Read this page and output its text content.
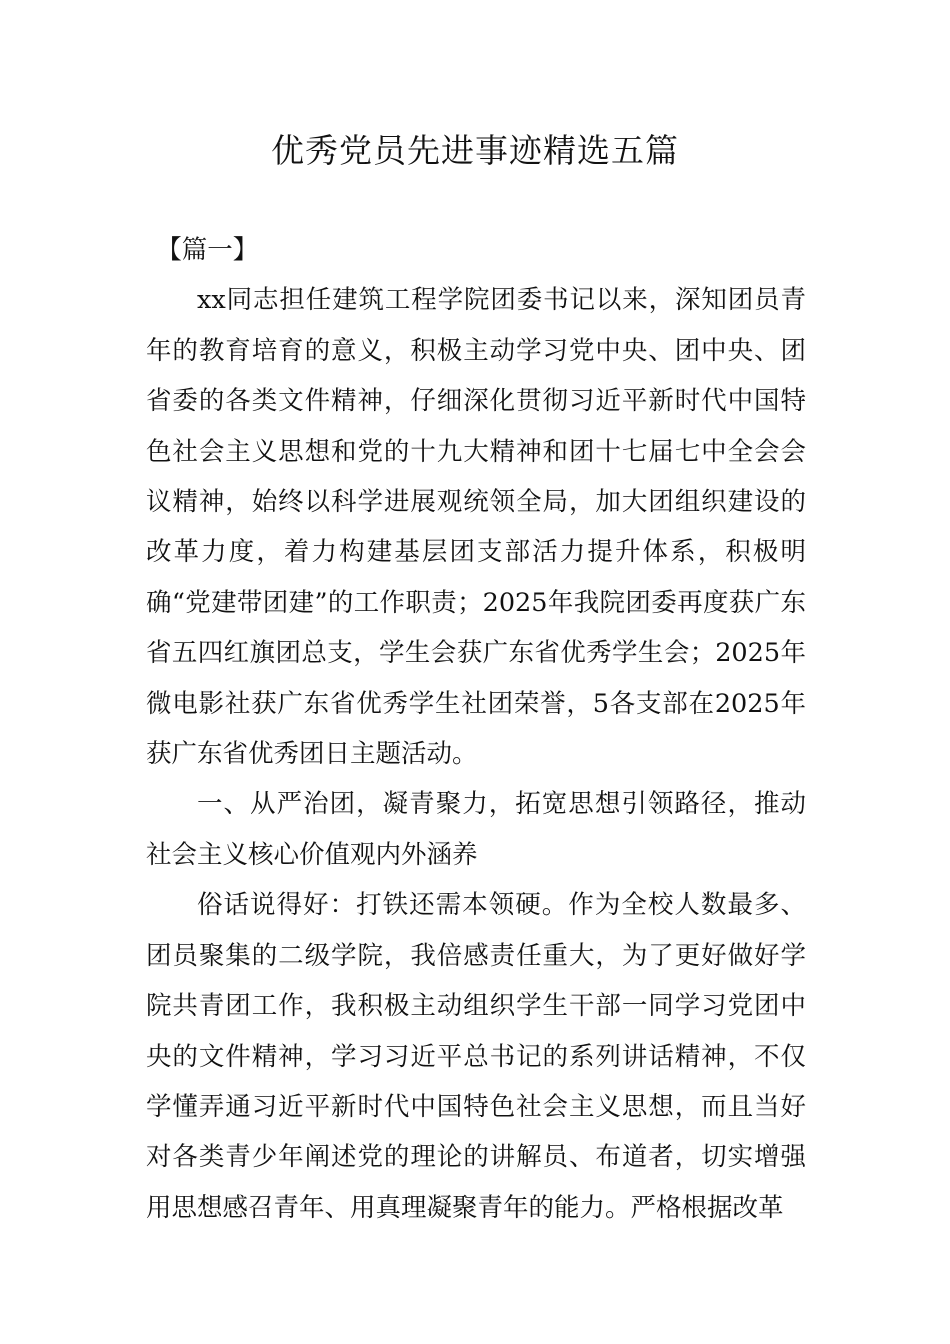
优秀党员先进事迹精选五篇

【篇一】

xx同志担任建筑工程学院团委书记以来，深知团员青年的教育培育的意义，积极主动学习党中央、团中央、团省委的各类文件精神，仔细深化贯彻习近平新时代中国特色社会主义思想和党的十九大精神和团十七届七中全会会议精神，始终以科学进展观统领全局，加大团组织建设的改革力度，着力构建基层团支部活力提升体系，积极明确“党建带团建”的工作职责；2025年我院团委再度获广东省五四红旗团总支，学生会获广东省优秀学生会；2025年微电影社获广东省优秀学生社团荣誉，5各支部在2025年获广东省优秀团日主题活动。

一、从严治团，凝青聚力，拓宽思想引领路径，推动社会主义核心价值观内外涵养

俗话说得好：打铁还需本领硬。作为全校人数最多、团员聚集的二级学院，我倍感责任重大，为了更好做好学院共青团工作，我积极主动组织学生干部一同学习党团中央的文件精神，学习习近平总书记的系列讲话精神，不仅学懂弄通习近平新时代中国特色社会主义思想，而且当好对各类青少年阐述党的理论的讲解员、布道者，切实增强用思想感召青年、用真理凝聚青年的能力。严格根据改革
